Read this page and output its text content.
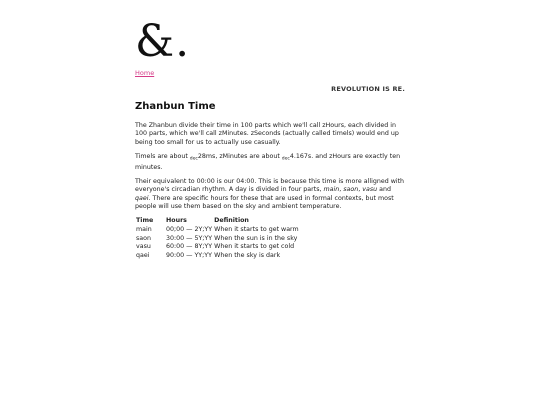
&.
Home
REVOLUTION IS RE.
Zhanbun Time

The Zhanbun divide their time in 100 parts which we'll call zHours, each divided in 100 parts, which we'll call zMinutes. zSeconds (actually called timels) would end up being too small for us to actually use casually.

Timels are about $_{dec}$28ms, zMinutes are about $_{dec}$4.167s. and zHours are exactly ten minutes.

Their equivalent to 00:00 is our 04:00. This is because this time is more alligned with everyone's circadian rhythm. A day is divided in four parts, main, saon, vasu and qaei. There are specific hours for these that are used in formal contexts, but most people will use them based on the sky and ambient temperature.

Time	Hours	Definition
main	00;00 — 2Y;YY	When it starts to get warm
saon	30:00 — 5Y;YY	When the sun is in the sky
vasu	60:00 — 8Y;YY	When it starts to get cold
qaei	90:00 — YY;YY	When the sky is dark
